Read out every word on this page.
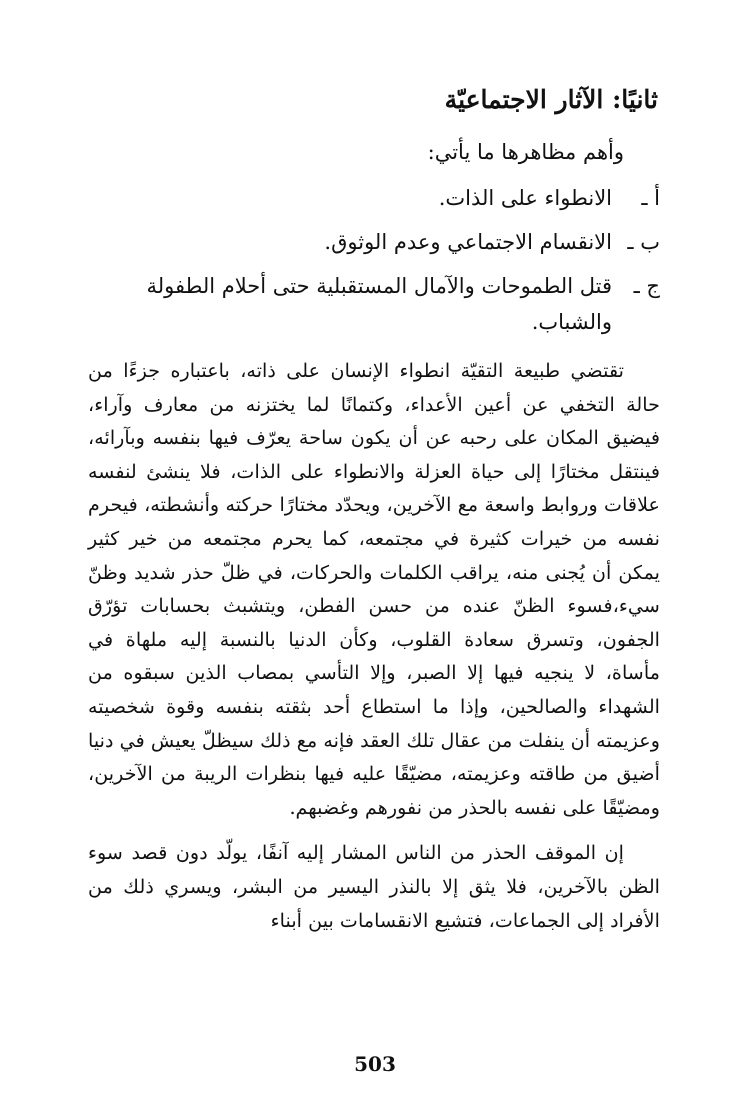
ثانيًا: الآثار الاجتماعيّة

وأهم مظاهرها ما يأتي:

أ ـ
الانطواء على الذات.
ب ـ
الانقسام الاجتماعي وعدم الوثوق.
ج ـ
قتل الطموحات والآمال المستقبلية حتى أحلام الطفولة والشباب.

تقتضي طبيعة التقيّة انطواء الإنسان على ذاته، باعتباره جزءًا من حالة التخفي عن أعين الأعداء، وكتمانًا لما يختزنه من معارف وآراء، فيضيق المكان على رحبه عن أن يكون ساحة يعرّف فيها بنفسه وبآرائه، فينتقل مختارًا إلى حياة العزلة والانطواء على الذات، فلا ينشئ لنفسه علاقات وروابط واسعة مع الآخرين، ويحدّد مختارًا حركته وأنشطته، فيحرم نفسه من خيرات كثيرة في مجتمعه، كما يحرم مجتمعه من خير كثير يمكن أن يُجنى منه، يراقب الكلمات والحركات، في ظلّ حذر شديد وظنّ سيء،فسوء الظنّ عنده من حسن الفطن، ويتشبث بحسابات تؤرّق الجفون، وتسرق سعادة القلوب، وكأن الدنيا بالنسبة إليه ملهاة في مأساة، لا ينجيه فيها إلا الصبر، وإلا التأسي بمصاب الذين سبقوه من الشهداء والصالحين، وإذا ما استطاع أحد بثقته بنفسه وقوة شخصيته وعزيمته أن ينفلت من عقال تلك العقد فإنه مع ذلك سيظلّ يعيش في دنيا أضيق من طاقته وعزيمته، مضيّقًا عليه فيها بنظرات الريبة من الآخرين، ومضيّقًا على نفسه بالحذر من نفورهم وغضبهم.

إن الموقف الحذر من الناس المشار إليه آنفًا، يولّد دون قصد سوء الظن بالآخرين، فلا يثق إلا بالنذر اليسير من البشر، ويسري ذلك من الأفراد إلى الجماعات، فتشيع الانقسامات بين أبناء

503
